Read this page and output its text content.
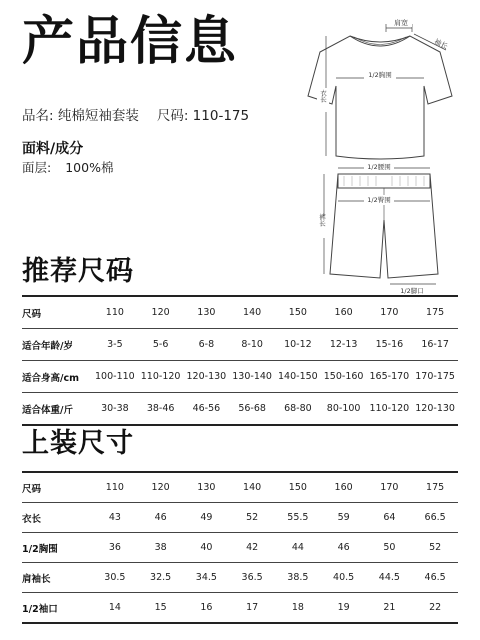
产品信息
品名: 纯棉短袖套装 尺码: 110-175
面料/成分
面层: 100%棉
肩宽
袖长
1/2胸围
衣长
1/2腰围
1/2臀围
裤长
1/2脚口
推荐尺码
尺码	110	120	130	140	150	160	170	175
适合年龄/岁	3-5	5-6	6-8	8-10	10-12	12-13	15-16	16-17
适合身高/cm	100-110	110-120	120-130	130-140	140-150	150-160	165-170	170-175
适合体重/斤	30-38	38-46	46-56	56-68	68-80	80-100	110-120	120-130
上装尺寸
尺码	110	120	130	140	150	160	170	175
衣长	43	46	49	52	55.5	59	64	66.5
1/2胸围	36	38	40	42	44	46	50	52
肩袖长	30.5	32.5	34.5	36.5	38.5	40.5	44.5	46.5
1/2袖口	14	15	16	17	18	19	21	22
